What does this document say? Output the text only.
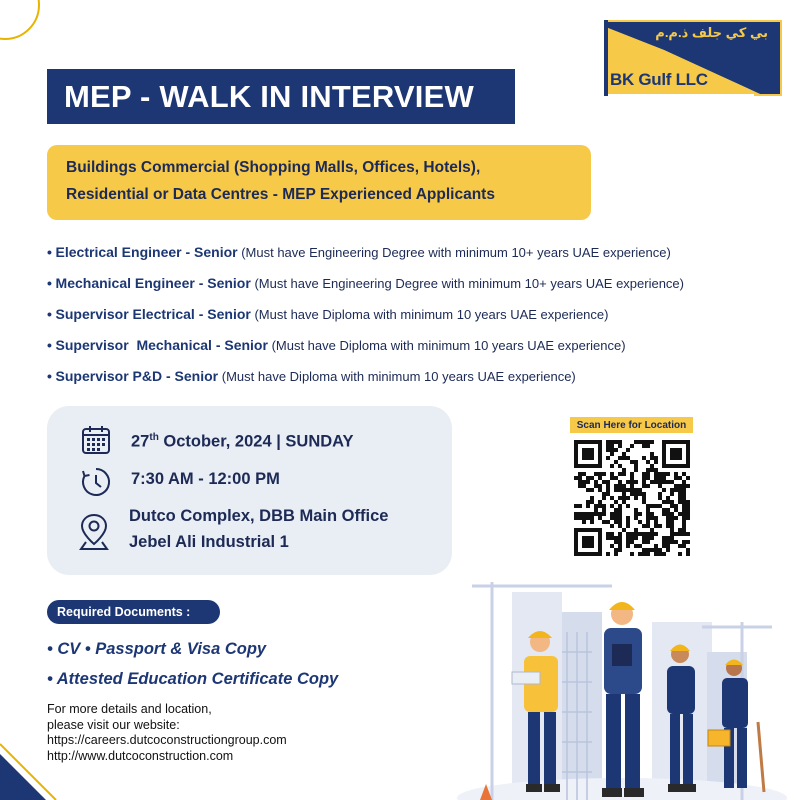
بي كي جلف ذ.م.م
BK Gulf LLC
MEP - WALK IN INTERVIEW
Buildings Commercial (Shopping Malls, Offices, Hotels),
Residential or Data Centres - MEP Experienced Applicants
• Electrical Engineer - Senior (Must have Engineering Degree with minimum 10+ years UAE experience)
• Mechanical Engineer - Senior (Must have Engineering Degree with minimum 10+ years UAE experience)
• Supervisor Electrical - Senior (Must have Diploma with minimum 10 years UAE experience)
• Supervisor  Mechanical - Senior (Must have Diploma with minimum 10 years UAE experience)
• Supervisor P&D - Senior (Must have Diploma with minimum 10 years UAE experience)
27th October, 2024 | SUNDAY
7:30 AM - 12:00 PM
Dutco Complex, DBB Main Office
Jebel Ali Industrial 1
Scan Here for Location
Required Documents :
• CV • Passport & Visa Copy
• Attested Education Certificate Copy
For more details and location,
please visit our website:
https://careers.dutcoconstructiongroup.com
http://www.dutcoconstruction.com
